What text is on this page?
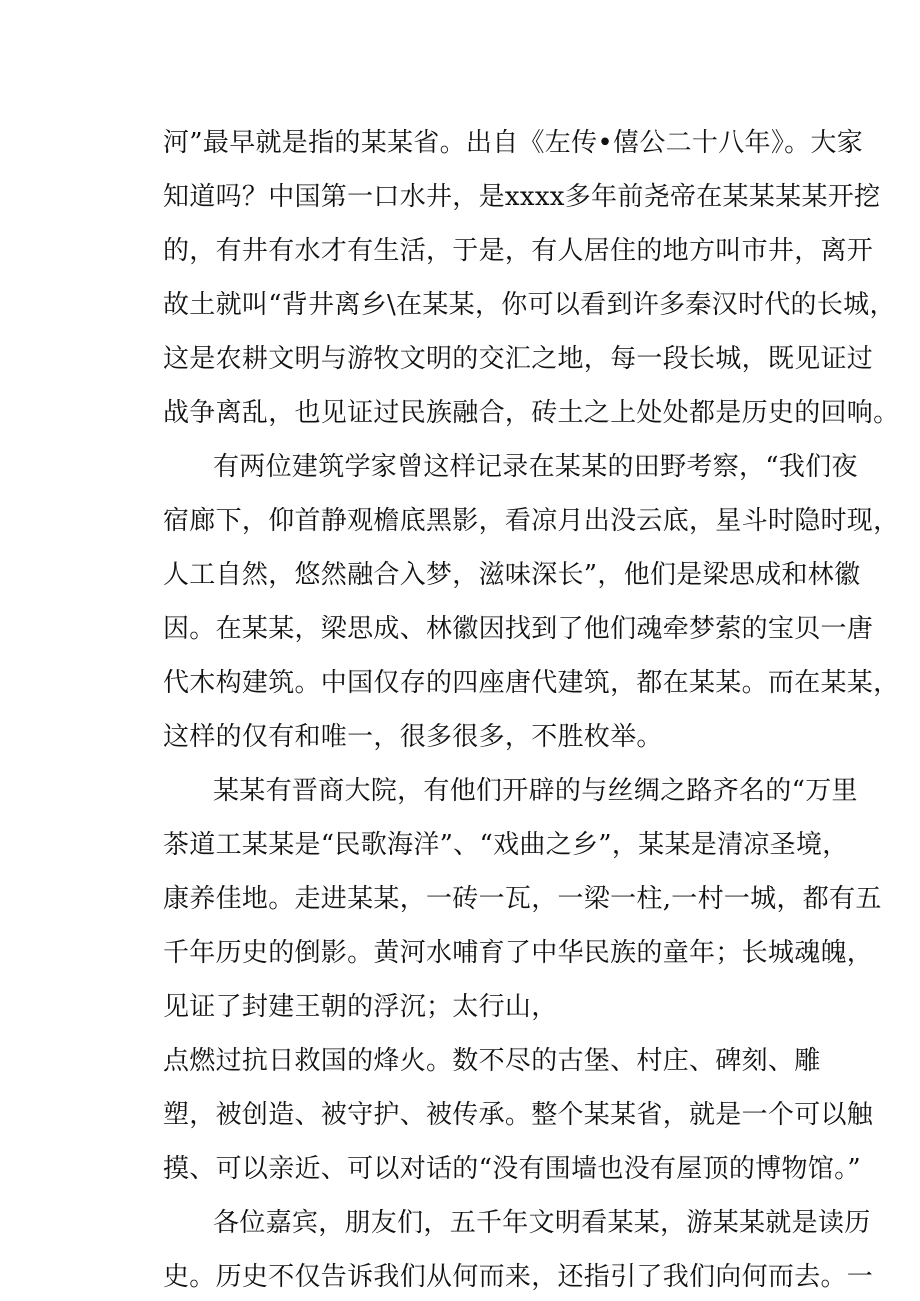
河”最早就是指的某某省。出自《左传•僖公二十八年》。大家
知道吗？中国第一口水井，是xxxx多年前尧帝在某某某某开挖
的，有井有水才有生活，于是，有人居住的地方叫市井，离开
故土就叫“背井离乡\在某某，你可以看到许多秦汉时代的长城，
这是农耕文明与游牧文明的交汇之地，每一段长城，既见证过
战争离乱，也见证过民族融合，砖土之上处处都是历史的回响。
有两位建筑学家曾这样记录在某某的田野考察，“我们夜
宿廊下，仰首静观檐底黑影，看凉月出没云底，星斗时隐时现，
人工自然，悠然融合入梦，滋味深长”，他们是梁思成和林徽
因。在某某，梁思成、林徽因找到了他们魂牵梦萦的宝贝一唐
代木构建筑。中国仅存的四座唐代建筑，都在某某。而在某某，
这样的仅有和唯一，很多很多，不胜枚举。
某某有晋商大院，有他们开辟的与丝绸之路齐名的“万里
茶道工某某是“民歌海洋”、“戏曲之乡”，某某是清凉圣境，
康养佳地。走进某某，一砖一瓦，一梁一柱,一村一城，都有五
千年历史的倒影。黄河水哺育了中华民族的童年；长城魂魄，
见证了封建王朝的浮沉；太行山，
点燃过抗日救国的烽火。数不尽的古堡、村庄、碑刻、雕
塑，被创造、被守护、被传承。整个某某省，就是一个可以触
摸、可以亲近、可以对话的“没有围墙也没有屋顶的博物馆。”
各位嘉宾，朋友们，五千年文明看某某，游某某就是读历
史。历史不仅告诉我们从何而来，还指引了我们向何而去。一
